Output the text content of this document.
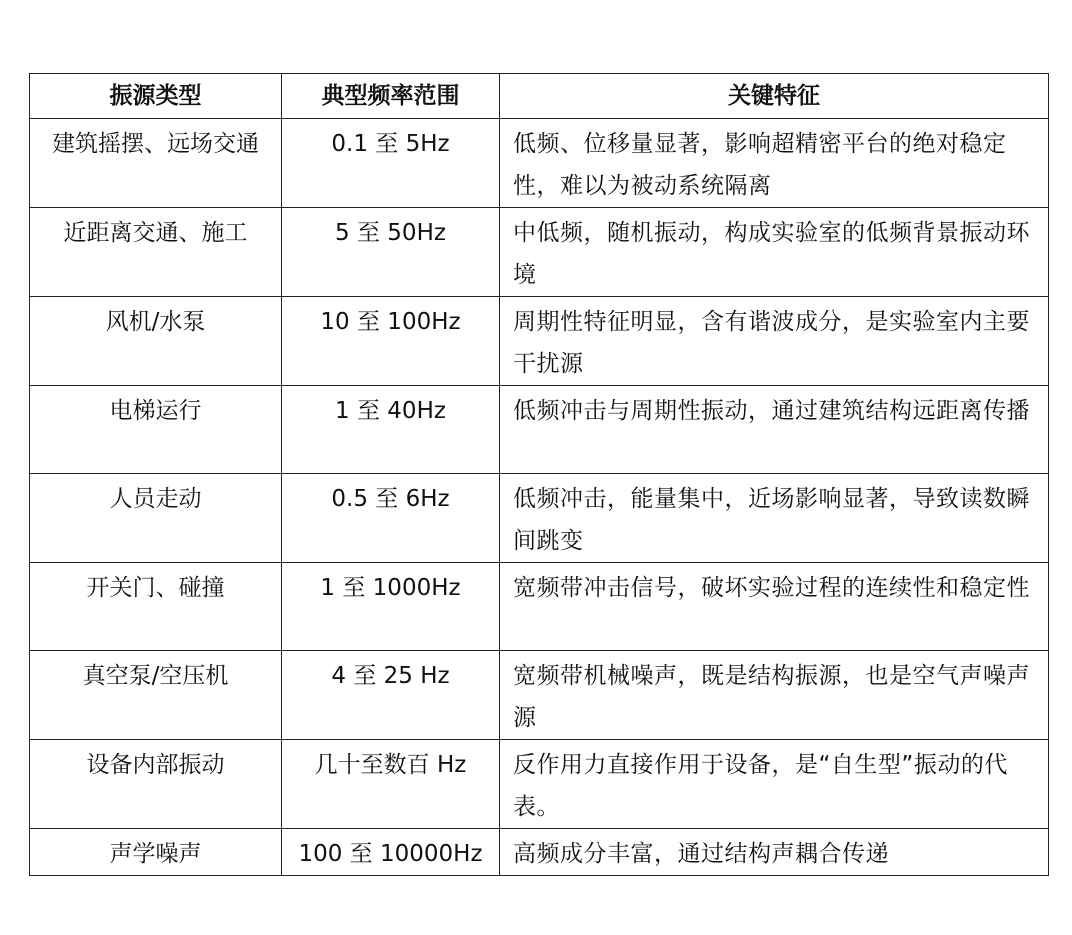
振源类型	典型频率范围	关键特征
建筑摇摆、远场交通	0.1 至 5Hz	低频、位移量显著，影响超精密平台的绝对稳定性，难以为被动系统隔离
近距离交通、施工	5 至 50Hz	中低频，随机振动，构成实验室的低频背景振动环境
风机/水泵	10 至 100Hz	周期性特征明显，含有谐波成分，是实验室内主要干扰源
电梯运行	1 至 40Hz	低频冲击与周期性振动，通过建筑结构远距离传播
人员走动	0.5 至 6Hz	低频冲击，能量集中，近场影响显著，导致读数瞬间跳变
开关门、碰撞	1 至 1000Hz	宽频带冲击信号，破坏实验过程的连续性和稳定性
真空泵/空压机	4 至 25 Hz	宽频带机械噪声，既是结构振源，也是空气声噪声源
设备内部振动	几十至数百 Hz	反作用力直接作用于设备，是“自生型”振动的代表。
声学噪声	100 至 10000Hz	高频成分丰富，通过结构声耦合传递
